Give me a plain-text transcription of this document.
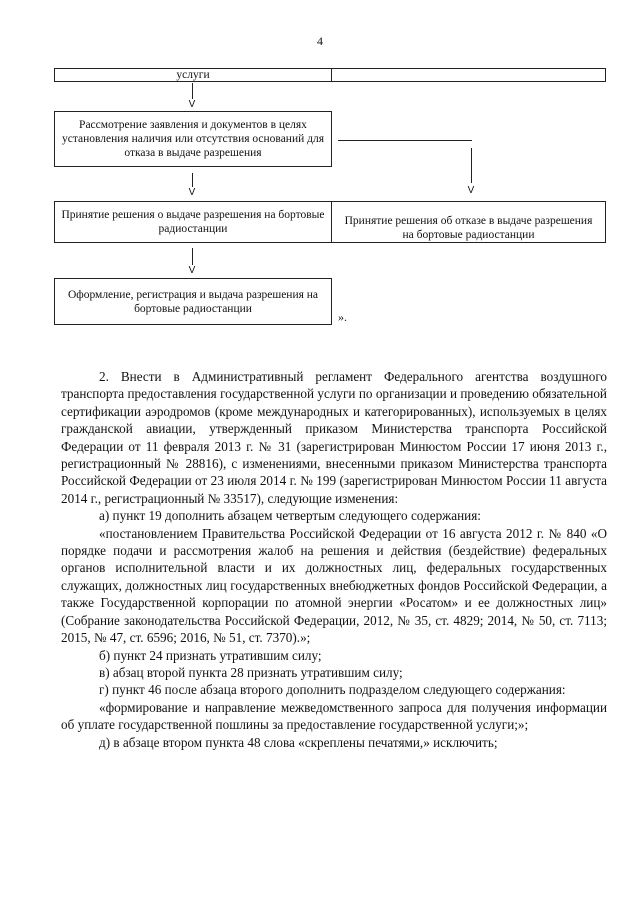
4
услуги
V
Рассмотрение заявления и документов в целях установления наличия или отсутствия оснований для отказа в выдаче разрешения
V
V
Принятие решения о выдаче разрешения на бортовые радиостанции
Принятие решения об отказе в выдаче разрешения на бортовые радиостанции
V
Оформление, регистрация и выдача разрешения на бортовые радиостанции
».

2. Внести в Административный регламент Федерального агентства воздушного транспорта предоставления государственной услуги по организации и проведению обязательной сертификации аэродромов (кроме международных и категорированных), используемых в целях гражданской авиации, утвержденный приказом Министерства транспорта Российской Федерации от 11 февраля 2013 г. № 31 (зарегистрирован Минюстом России 17 июня 2013 г., регистрационный № 28816), с изменениями, внесенными приказом Министерства транспорта Российской Федерации от 23 июля 2014 г. № 199 (зарегистрирован Минюстом России 11 августа 2014 г., регистрационный № 33517), следующие изменения:

а) пункт 19 дополнить абзацем четвертым следующего содержания:

«постановлением Правительства Российской Федерации от 16 августа 2012 г. № 840 «О порядке подачи и рассмотрения жалоб на решения и действия (бездействие) федеральных органов исполнительной власти и их должностных лиц, федеральных государственных служащих, должностных лиц государственных внебюджетных фондов Российской Федерации, а также Государственной корпорации по атомной энергии «Росатом» и ее должностных лиц» (Собрание законодательства Российской Федерации, 2012, № 35, ст. 4829; 2014, № 50, ст. 7113; 2015, № 47, ст. 6596; 2016, № 51, ст. 7370).»;

б) пункт 24 признать утратившим силу;

в) абзац второй пункта 28 признать утратившим силу;

г) пункт 46 после абзаца второго дополнить подразделом следующего содержания:

«формирование и направление межведомственного запроса для получения информации об уплате государственной пошлины за предоставление государственной услуги;»;

д) в абзаце втором пункта 48 слова «скреплены печатями,» исключить;
